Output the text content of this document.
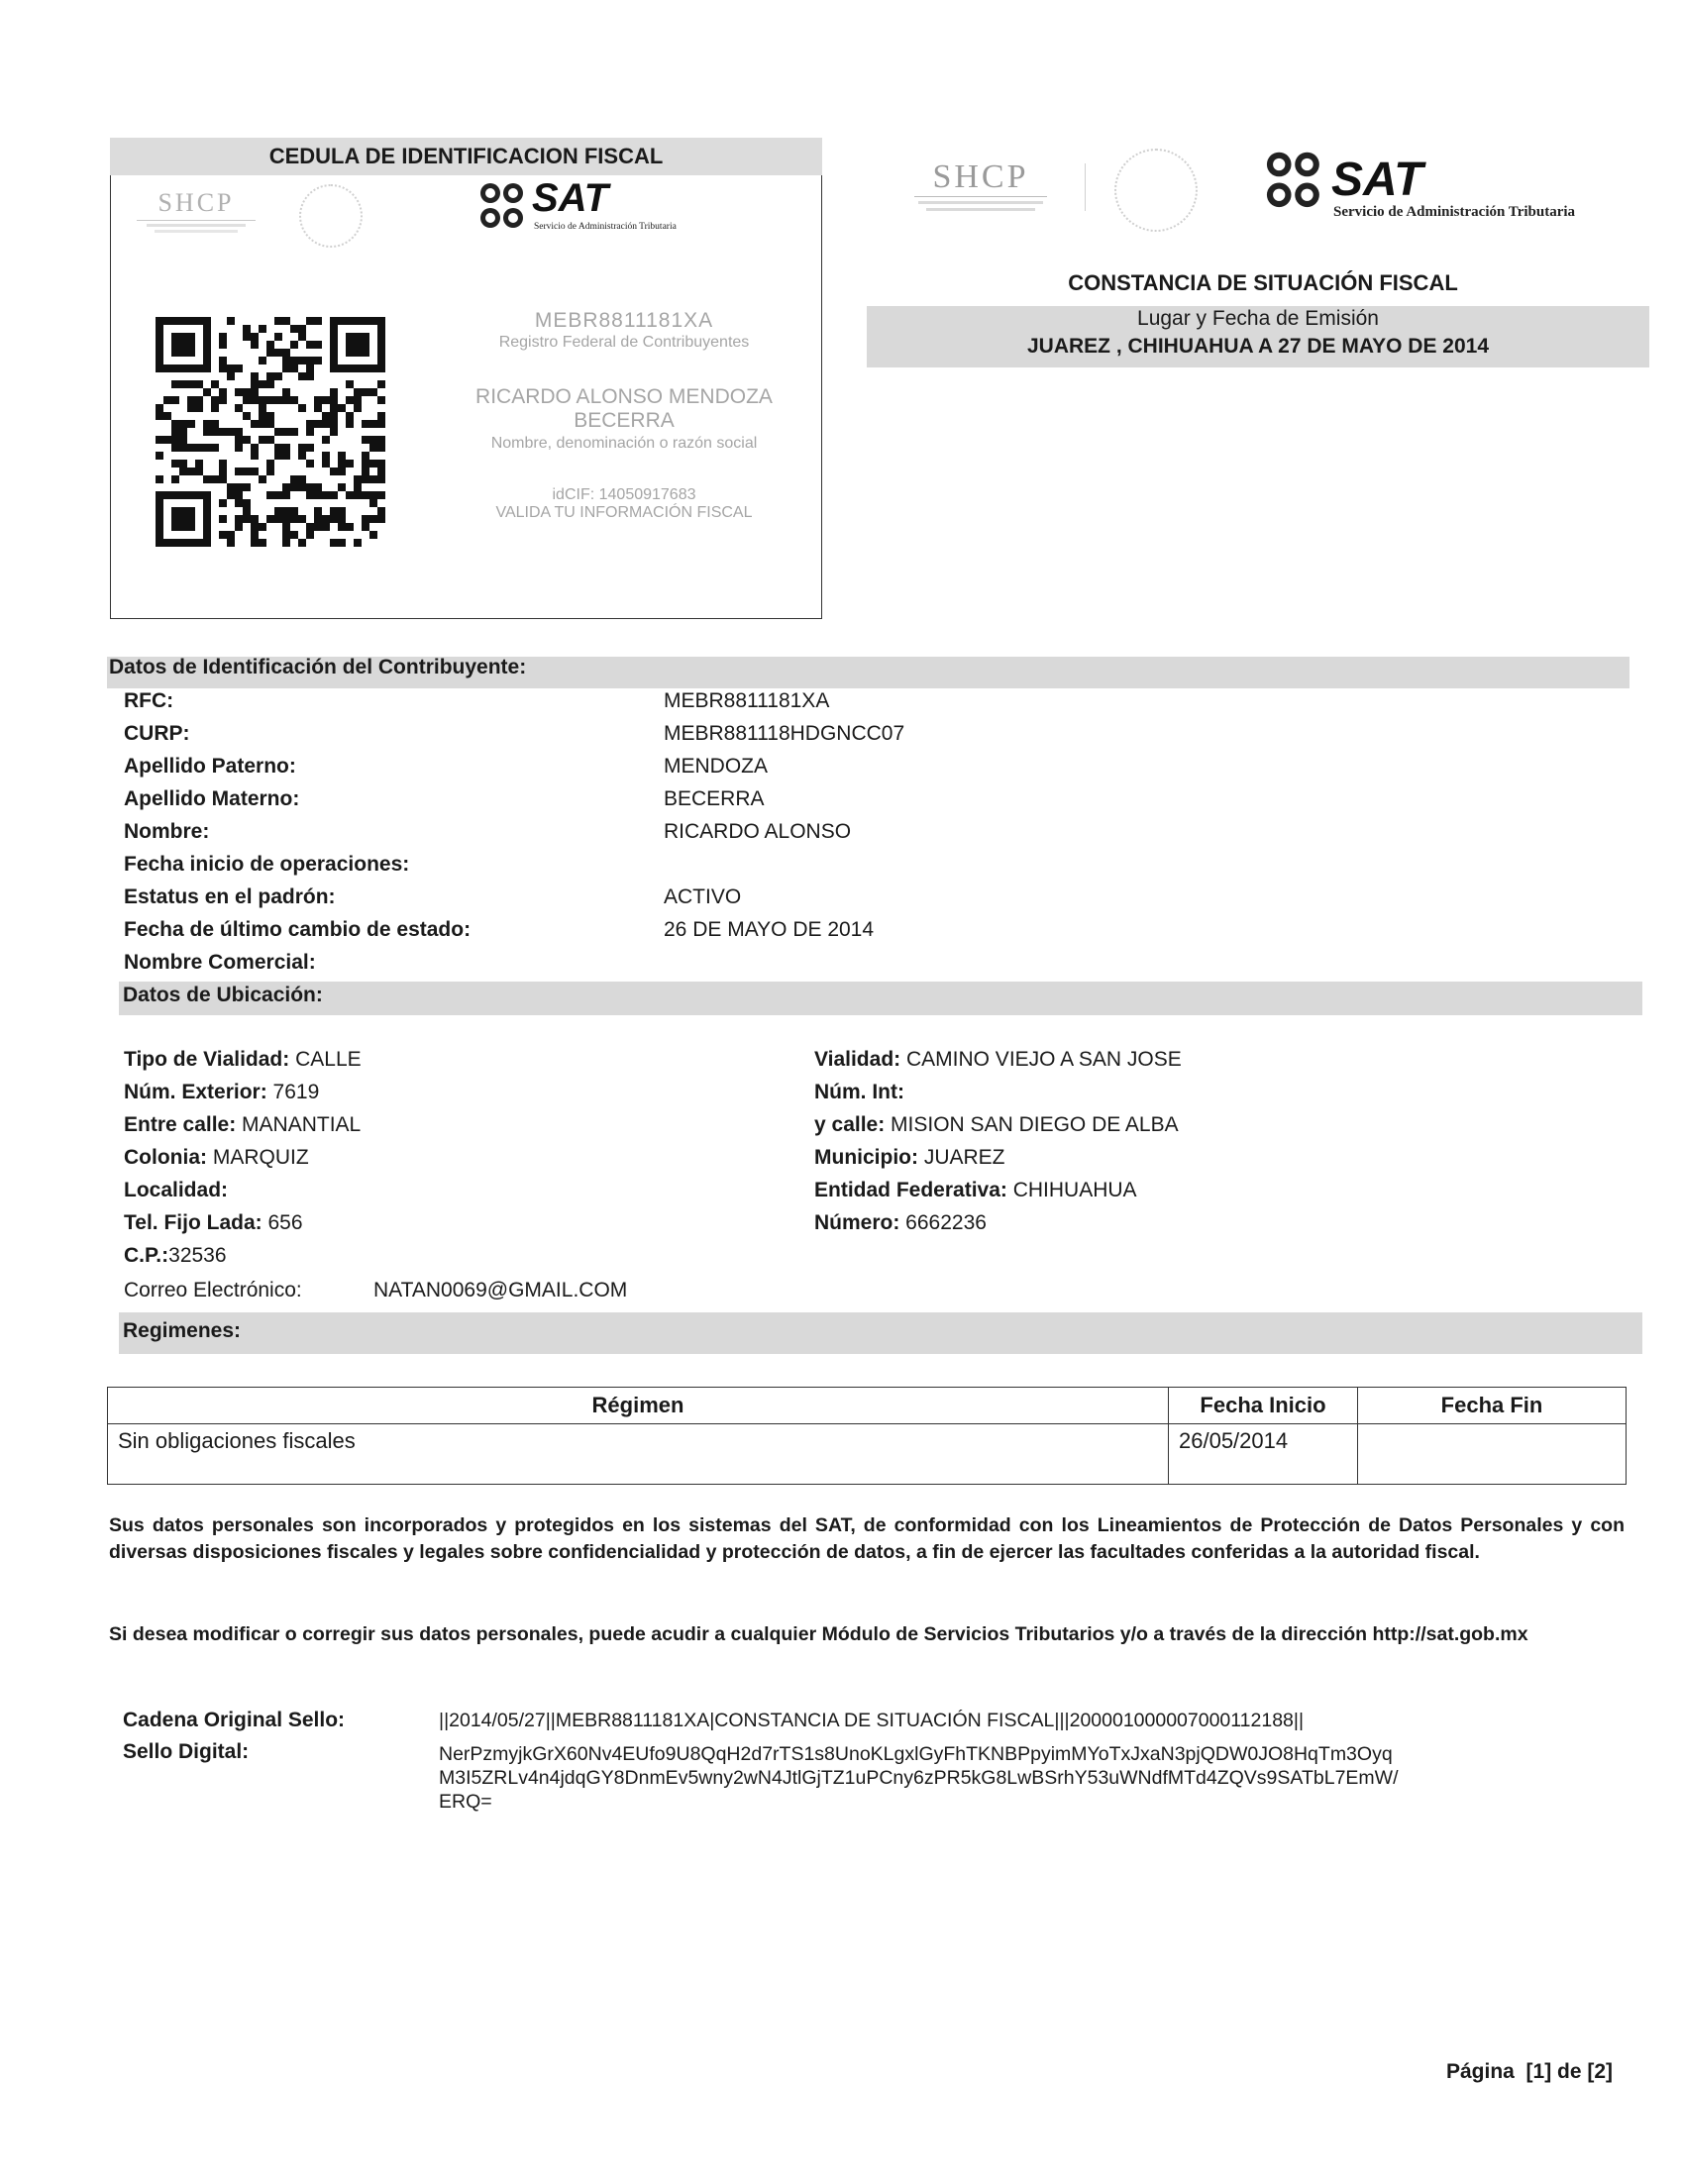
CEDULA DE IDENTIFICACION FISCAL
SHCP	SAT
Servicio de Administración Tributaria
MEBR8811181XA
Registro Federal de Contribuyentes
RICARDO ALONSO MENDOZA
BECERRA
Nombre, denominación o razón social
idCIF: 14050917683
VALIDA TU INFORMACIÓN FISCAL
SHCP	SAT
Servicio de Administración Tributaria
CONSTANCIA DE SITUACIÓN FISCAL
Lugar y Fecha de Emisión
JUAREZ , CHIHUAHUA A 27 DE MAYO DE 2014
Datos de Identificación del Contribuyente:
RFC:	MEBR8811181XA
CURP:	MEBR881118HDGNCC07
Apellido Paterno:	MENDOZA
Apellido Materno:	BECERRA
Nombre:	RICARDO ALONSO
Fecha inicio de operaciones:
Estatus en el padrón:	ACTIVO
Fecha de último cambio de estado:	26 DE MAYO DE 2014
Nombre Comercial:
Datos de Ubicación:
Tipo de Vialidad: CALLE
Núm. Exterior: 7619
Entre calle: MANANTIAL
Colonia: MARQUIZ
Localidad:
Tel. Fijo Lada: 656
C.P.:32536
Vialidad: CAMINO VIEJO A SAN JOSE
Núm. Int:
y calle: MISION SAN DIEGO DE ALBA
Municipio: JUAREZ
Entidad Federativa: CHIHUAHUA
Número: 6662236
Correo Electrónico:	NATAN0069@GMAIL.COM
Regimenes:
Régimen	Fecha Inicio	Fecha Fin
Sin obligaciones fiscales	26/05/2014	
Sus datos personales son incorporados y protegidos en los sistemas del SAT, de conformidad con los Lineamientos de Protección de Datos Personales y con diversas disposiciones fiscales y legales sobre confidencialidad y protección de datos, a fin de ejercer las facultades conferidas a la autoridad fiscal.
Si desea modificar o corregir sus datos personales, puede acudir a cualquier Módulo de Servicios Tributarios y/o a través de la dirección http://sat.gob.mx
Cadena Original Sello:	||2014/05/27||MEBR8811181XA|CONSTANCIA DE SITUACIÓN FISCAL|||200001000007000112188||
Sello Digital:	NerPzmyjkGrX60Nv4EUfo9U8QqH2d7rTS1s8UnoKLgxlGyFhTKNBPpyimMYoTxJxaN3pjQDW0JO8HqTm3Oyq
M3I5ZRLv4n4jdqGY8DnmEv5wny2wN4JtlGjTZ1uPCny6zPR5kG8LwBSrhY53uWNdfMTd4ZQVs9SATbL7EmW/
ERQ=
Página  [1] de [2]
